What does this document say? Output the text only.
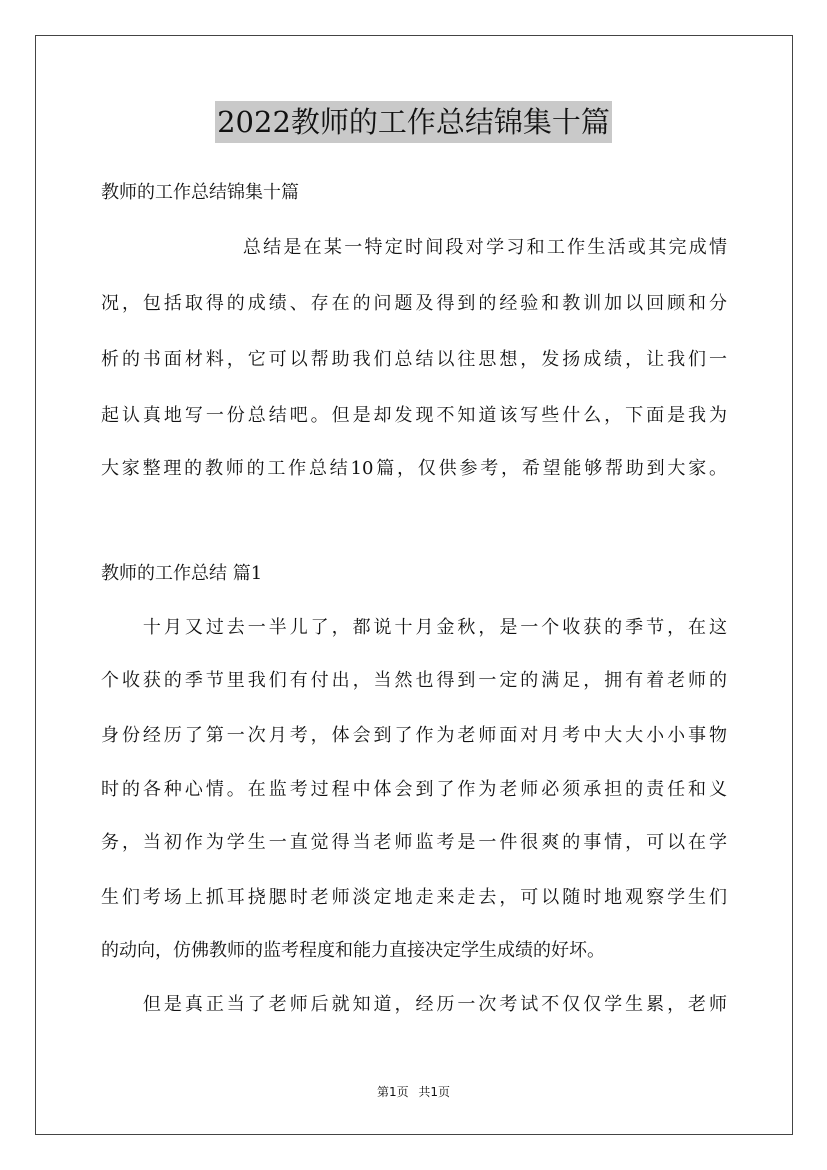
2022教师的工作总结锦集十篇
教师的工作总结锦集十篇
　　　　　　　总结是在某一特定时间段对学习和工作生活或其完成情
况，包括取得的成绩、存在的问题及得到的经验和教训加以回顾和分
析的书面材料，它可以帮助我们总结以往思想，发扬成绩，让我们一
起认真地写一份总结吧。但是却发现不知道该写些什么，下面是我为
大家整理的教师的工作总结10篇，仅供参考，希望能够帮助到大家。
教师的工作总结 篇1
　　十月又过去一半儿了，都说十月金秋，是一个收获的季节，在这
个收获的季节里我们有付出，当然也得到一定的满足，拥有着老师的
身份经历了第一次月考，体会到了作为老师面对月考中大大小小事物
时的各种心情。在监考过程中体会到了作为老师必须承担的责任和义
务，当初作为学生一直觉得当老师监考是一件很爽的事情，可以在学
生们考场上抓耳挠腮时老师淡定地走来走去，可以随时地观察学生们
的动向，仿佛教师的监考程度和能力直接决定学生成绩的好坏。
　　但是真正当了老师后就知道，经历一次考试不仅仅学生累，老师
第1页 共1页
